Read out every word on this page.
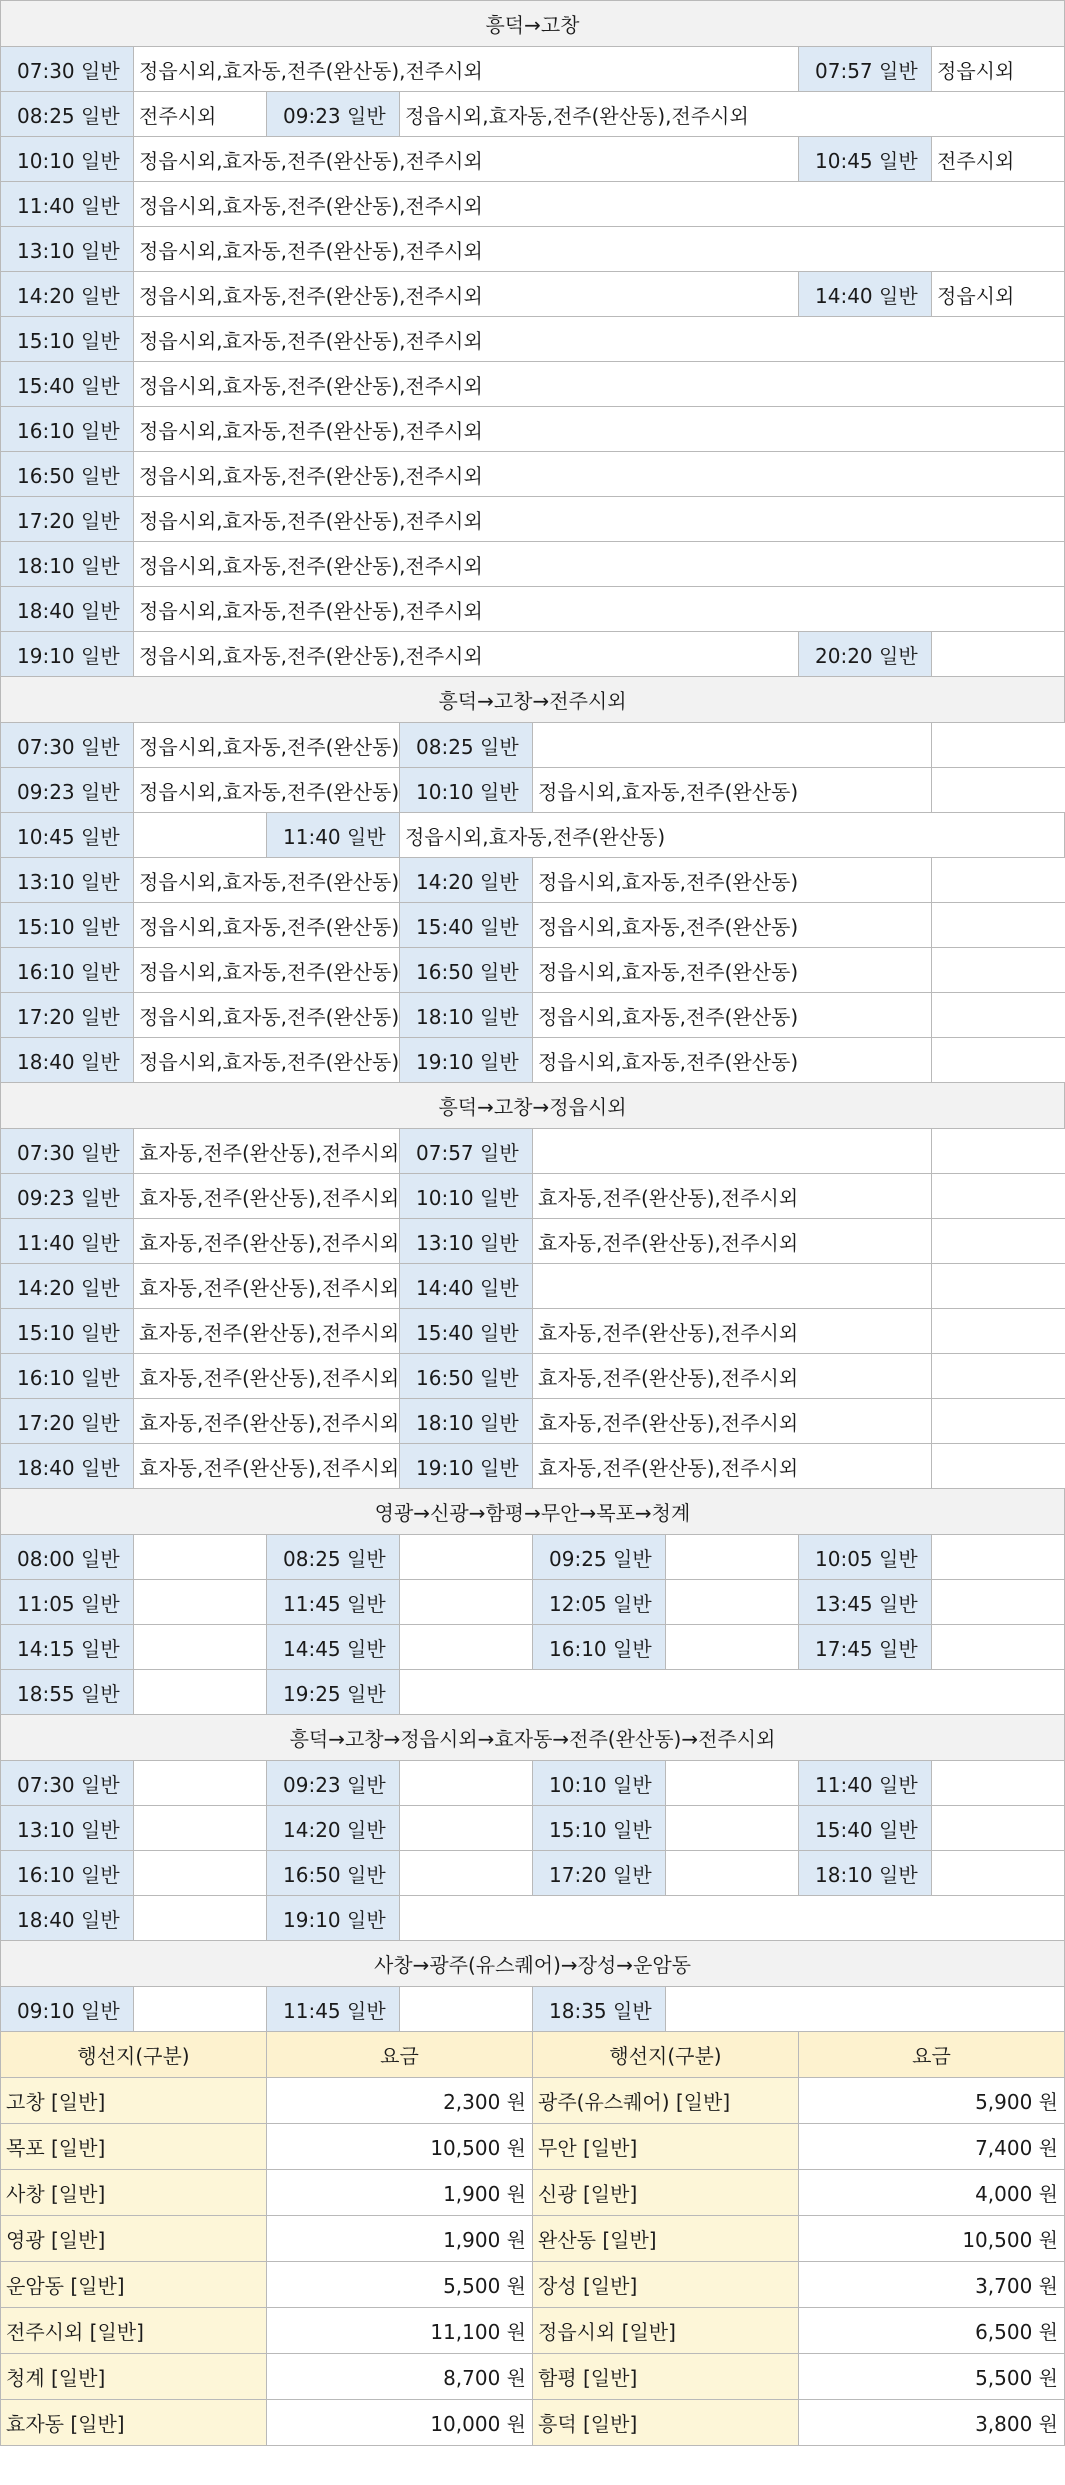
흥덕→고창
07:30 일반 정읍시외,효자동,전주(완산동),전주시외	07:57 일반 정읍시외
08:25 일반 전주시외	09:23 일반 정읍시외,효자동,전주(완산동),전주시외
10:10 일반 정읍시외,효자동,전주(완산동),전주시외	10:45 일반 전주시외
11:40 일반 정읍시외,효자동,전주(완산동),전주시외
13:10 일반 정읍시외,효자동,전주(완산동),전주시외
14:20 일반 정읍시외,효자동,전주(완산동),전주시외	14:40 일반 정읍시외
15:10 일반 정읍시외,효자동,전주(완산동),전주시외
15:40 일반 정읍시외,효자동,전주(완산동),전주시외
16:10 일반 정읍시외,효자동,전주(완산동),전주시외
16:50 일반 정읍시외,효자동,전주(완산동),전주시외
17:20 일반 정읍시외,효자동,전주(완산동),전주시외
18:10 일반 정읍시외,효자동,전주(완산동),전주시외
18:40 일반 정읍시외,효자동,전주(완산동),전주시외
19:10 일반 정읍시외,효자동,전주(완산동),전주시외	20:20 일반
흥덕→고창→전주시외
07:30 일반 정읍시외,효자동,전주(완산동) 08:25 일반
09:23 일반 정읍시외,효자동,전주(완산동) 10:10 일반 정읍시외,효자동,전주(완산동)
10:45 일반	11:40 일반 정읍시외,효자동,전주(완산동)
13:10 일반 정읍시외,효자동,전주(완산동) 14:20 일반 정읍시외,효자동,전주(완산동)
15:10 일반 정읍시외,효자동,전주(완산동) 15:40 일반 정읍시외,효자동,전주(완산동)
16:10 일반 정읍시외,효자동,전주(완산동) 16:50 일반 정읍시외,효자동,전주(완산동)
17:20 일반 정읍시외,효자동,전주(완산동) 18:10 일반 정읍시외,효자동,전주(완산동)
18:40 일반 정읍시외,효자동,전주(완산동) 19:10 일반 정읍시외,효자동,전주(완산동)
흥덕→고창→정읍시외
07:30 일반 효자동,전주(완산동),전주시외 07:57 일반
09:23 일반 효자동,전주(완산동),전주시외 10:10 일반 효자동,전주(완산동),전주시외
11:40 일반 효자동,전주(완산동),전주시외 13:10 일반 효자동,전주(완산동),전주시외
14:20 일반 효자동,전주(완산동),전주시외 14:40 일반
15:10 일반 효자동,전주(완산동),전주시외 15:40 일반 효자동,전주(완산동),전주시외
16:10 일반 효자동,전주(완산동),전주시외 16:50 일반 효자동,전주(완산동),전주시외
17:20 일반 효자동,전주(완산동),전주시외 18:10 일반 효자동,전주(완산동),전주시외
18:40 일반 효자동,전주(완산동),전주시외 19:10 일반 효자동,전주(완산동),전주시외
영광→신광→함평→무안→목포→청계
08:00 일반	08:25 일반	09:25 일반	10:05 일반
11:05 일반	11:45 일반	12:05 일반	13:45 일반
14:15 일반	14:45 일반	16:10 일반	17:45 일반
18:55 일반	19:25 일반
흥덕→고창→정읍시외→효자동→전주(완산동)→전주시외
07:30 일반	09:23 일반	10:10 일반	11:40 일반
13:10 일반	14:20 일반	15:10 일반	15:40 일반
16:10 일반	16:50 일반	17:20 일반	18:10 일반
18:40 일반	19:10 일반
사창→광주(유스퀘어)→장성→운암동
09:10 일반	11:45 일반	18:35 일반
행선지(구분)	요금	행선지(구분)	요금
고창 [일반]	2,300 원 광주(유스퀘어) [일반]	5,900 원
목포 [일반]	10,500 원 무안 [일반]	7,400 원
사창 [일반]	1,900 원 신광 [일반]	4,000 원
영광 [일반]	1,900 원 완산동 [일반]	10,500 원
운암동 [일반]	5,500 원 장성 [일반]	3,700 원
전주시외 [일반]	11,100 원 정읍시외 [일반]	6,500 원
청계 [일반]	8,700 원 함평 [일반]	5,500 원
효자동 [일반]	10,000 원 흥덕 [일반]	3,800 원
